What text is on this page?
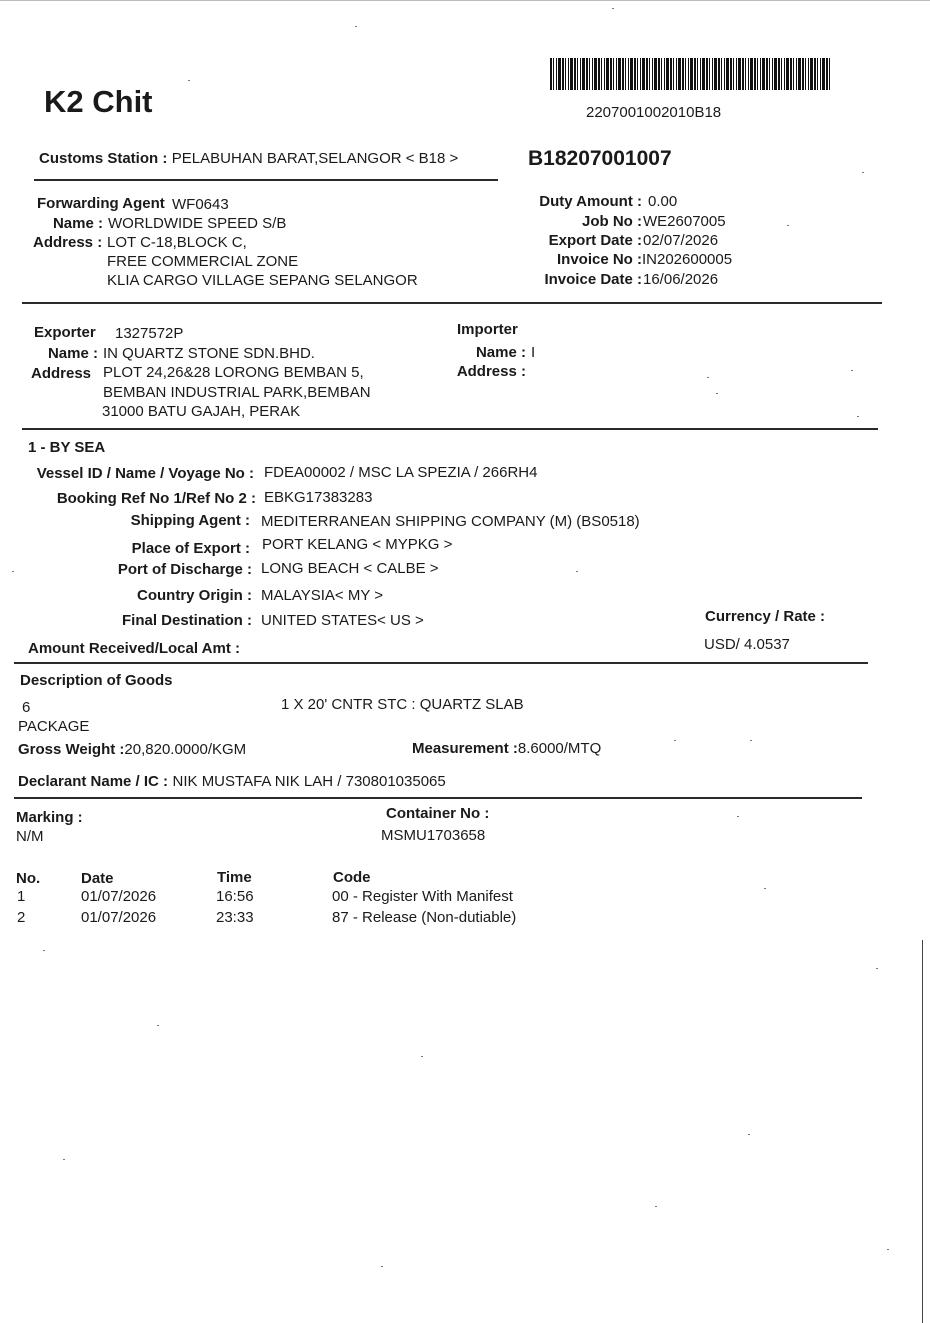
K2 Chit	2207001002010B18
Customs Station : PELABUHAN BARAT,SELANGOR < B18 >	B18207001007
Forwarding Agent WF0643
Name : WORLDWIDE SPEED S/B
Address : LOT C-18,BLOCK C,
FREE COMMERCIAL ZONE
KLIA CARGO VILLAGE SEPANG SELANGOR
Duty Amount : 0.00
Job No : WE2607005
Export Date : 02/07/2026
Invoice No : IN202600005
Invoice Date : 16/06/2026
Exporter 1327572P
Name : IN QUARTZ STONE SDN.BHD.
Address PLOT 24,26&28 LORONG BEMBAN 5,
BEMBAN INDUSTRIAL PARK,BEMBAN
31000 BATU GAJAH, PERAK
Importer
Name : I
Address :
1 - BY SEA
Vessel ID / Name / Voyage No : FDEA00002 / MSC LA SPEZIA / 266RH4
Booking Ref No 1/Ref No 2 : EBKG17383283
Shipping Agent : MEDITERRANEAN SHIPPING COMPANY (M) (BS0518)
Place of Export : PORT KELANG < MYPKG >
Port of Discharge : LONG BEACH < CALBE >
Country Origin : MALAYSIA< MY >
Final Destination : UNITED STATES< US >
Amount Received/Local Amt :
Currency / Rate :
USD/ 4.0537
Description of Goods
6
PACKAGE
1 X 20' CNTR STC : QUARTZ SLAB
Gross Weight :20,820.0000/KGM	Measurement :8.6000/MTQ
Declarant Name / IC : NIK MUSTAFA NIK LAH / 730801035065
Marking :
N/M
Container No :
MSMU1703658
No.	Date	Time	Code
1	01/07/2026	16:56	00 - Register With Manifest
2	01/07/2026	23:33	87 - Release (Non-dutiable)
